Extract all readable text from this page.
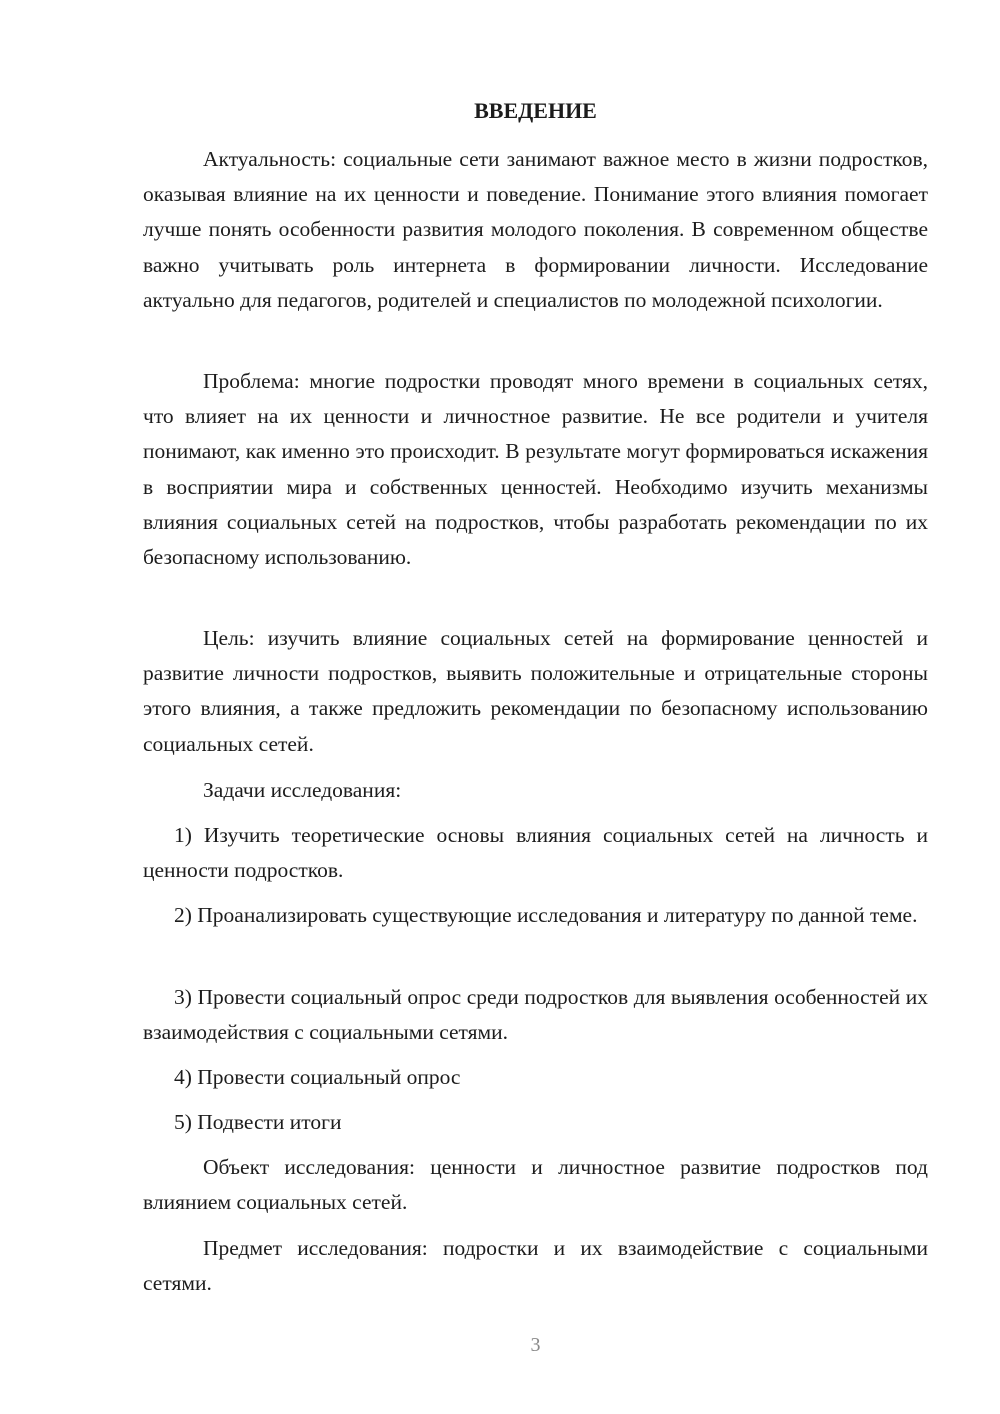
ВВЕДЕНИЕ

Актуальность: социальные сети занимают важное место в жизни подростков, оказывая влияние на их ценности и поведение. Понимание этого влияния помогает лучше понять особенности развития молодого поколения. В современном обществе важно учитывать роль интернета в формировании личности. Исследование актуально для педагогов, родителей и специалистов по молодежной психологии.

Проблема: многие подростки проводят много времени в социальных сетях, что влияет на их ценности и личностное развитие. Не все родители и учителя понимают, как именно это происходит. В результате могут формироваться искажения в восприятии мира и собственных ценностей. Необходимо изучить механизмы влияния социальных сетей на подростков, чтобы разработать рекомендации по их безопасному использованию.

Цель: изучить влияние социальных сетей на формирование ценностей и развитие личности подростков, выявить положительные и отрицательные стороны этого влияния, а также предложить рекомендации по безопасному использованию социальных сетей.

Задачи исследования:

1) Изучить теоретические основы влияния социальных сетей на личность и ценности подростков.

2) Проанализировать существующие исследования и литературу по данной теме.

3) Провести социальный опрос среди подростков для выявления особенностей их взаимодействия с социальными сетями.

4) Провести социальный опрос

5) Подвести итоги

Объект исследования: ценности и личностное развитие подростков под влиянием социальных сетей.

Предмет исследования: подростки и их взаимодействие с социальными сетями.

3
